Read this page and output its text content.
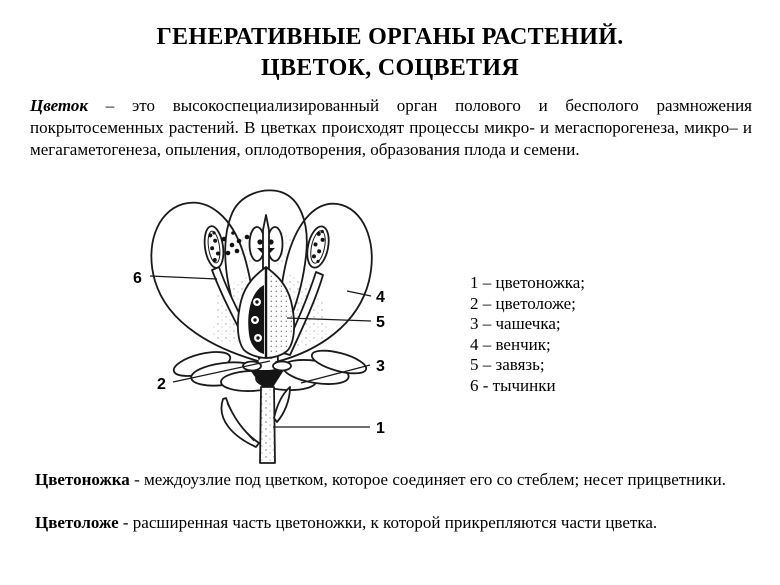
ГЕНЕРАТИВНЫЕ ОРГАНЫ РАСТЕНИЙ.
ЦВЕТОК, СОЦВЕТИЯ

Цветок – это высокоспециализированный орган полового и бесполого размножения покрытосеменных растений. В цветках происходят процессы микро- и мегаспорогенеза, микро– и мегагаметогенеза, опыления, оплодотворения, образования плода и семени.

1
2
3
4
5
6	1 – цветоножка;
2 – цветоложе;
3 – чашечка;
4 – венчик;
5 – завязь;
6 - тычинки
Цветоножка - междоузлие под цветком, которое соединяет его со стеблем; несет прицветники.
Цветоложе - расширенная часть цветоножки, к которой прикрепляются части цветка.
